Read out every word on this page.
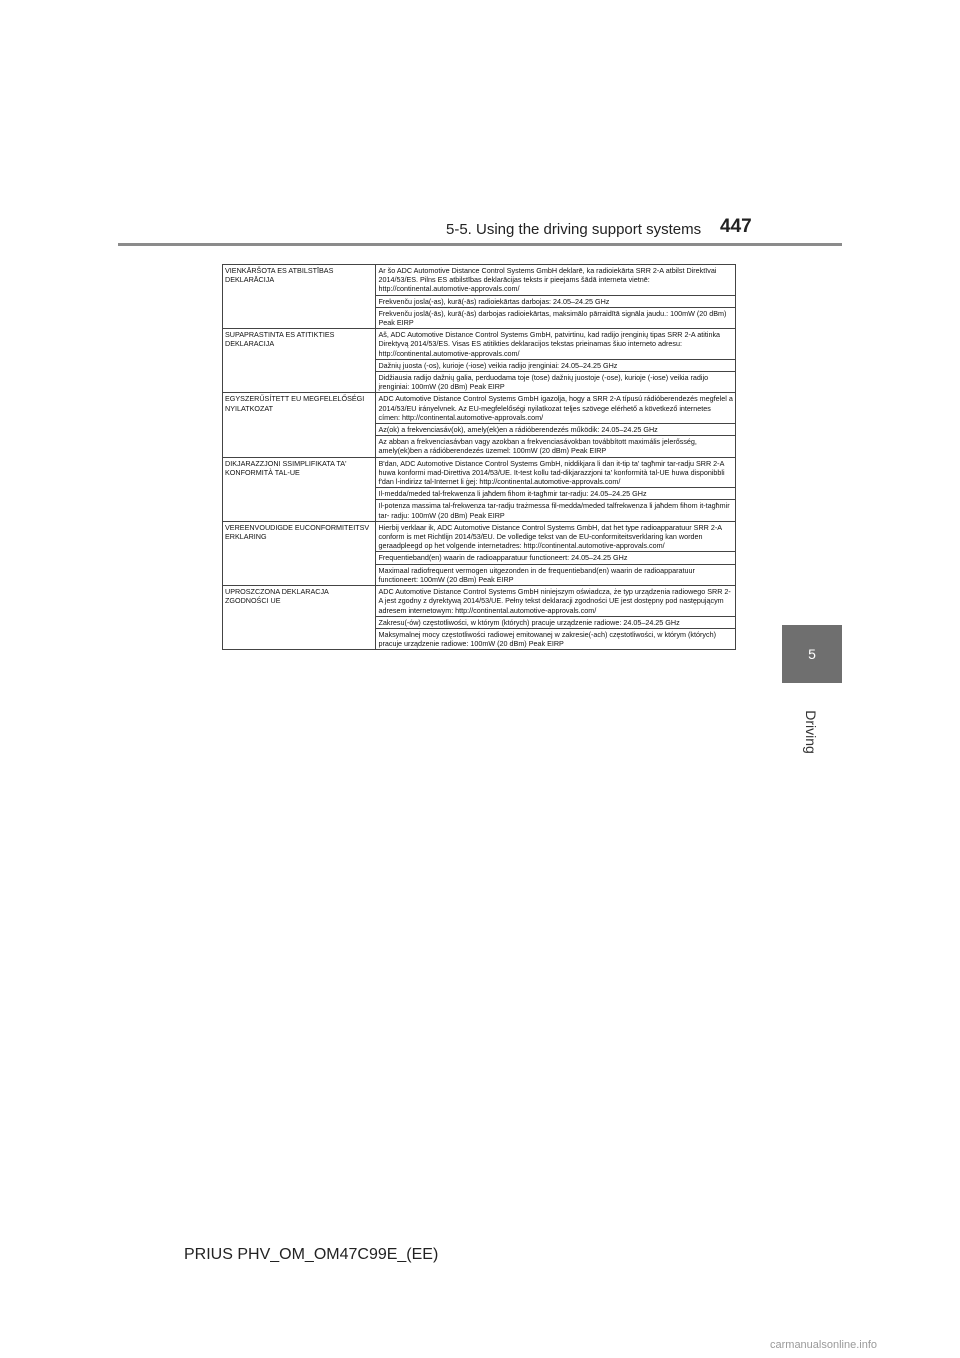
5-5. Using the driving support systems 447
5
Driving
VIENKĀRŠOTA ES ATBILSTĪBAS DEKLARĀCIJA	Ar šo ADC Automotive Distance Control Systems GmbH deklarē, ka radioiekārta SRR 2-A atbilst Direktīvai 2014/53/ES. Pilns ES atbilstības deklarācijas teksts ir pieejams šādā interneta vietnē: http://continental.automotive-approvals.com/
	Frekvenču josla(-as), kurā(-ās) radioiekārtas darbojas: 24.05–24.25 GHz
	Frekvenču joslā(-ās), kurā(-ās) darbojas radioiekārtas, maksimālo pārraidītā signāla jaudu.: 100mW (20 dBm) Peak EIRP
SUPAPRASTINTA ES ATITIKTIES DEKLARACIJA	Aš, ADC Automotive Distance Control Systems GmbH, patvirtinu, kad radijo įrenginių tipas SRR 2-A atitinka Direktyvą 2014/53/ES. Visas ES atitikties deklaracijos tekstas prieinamas šiuo interneto adresu: http://continental.automotive-approvals.com/
	Dažnių juosta (-os), kurioje (-iose) veikia radijo įrenginiai: 24.05–24.25 GHz
	Didžiausia radijo dažnių galia, perduodama toje (tose) dažnių juostoje (-ose), kurioje (-iose) veikia radijo įrenginiai: 100mW (20 dBm) Peak EIRP
EGYSZERŰSÍTETT EU MEGFELELŐSÉGI NYILATKOZAT	ADC Automotive Distance Control Systems GmbH igazolja, hogy a SRR 2-A típusú rádióberendezés megfelel a 2014/53/EU irányelvnek. Az EU-megfelelőségi nyilatkozat teljes szövege elérhető a következő internetes címen: http://continental.automotive-approvals.com/
	Az(ok) a frekvenciasáv(ok), amely(ek)en a rádióberendezés működik: 24.05–24.25 GHz
	Az abban a frekvenciasávban vagy azokban a frekvenciasávokban továbbított maximális jelerősség, amely(ek)ben a rádióberendezés üzemel: 100mW (20 dBm) Peak EIRP
DIKJARAZZJONI SSIMPLIFIKATA TA' KONFORMITÀ TAL-UE	B'dan, ADC Automotive Distance Control Systems GmbH, niddikjara li dan it-tip ta' tagħmir tar-radju SRR 2-A huwa konformi mad-Direttiva 2014/53/UE. It-test kollu tad-dikjarazzjoni ta' konformità tal-UE huwa disponibbli f'dan l-indirizz tal-Internet li ġej: http://continental.automotive-approvals.com/
	Il-medda/meded tal-frekwenza li jaħdem fihom it-tagħmir tar-radju: 24.05–24.25 GHz
	Il-potenza massima tal-frekwenza tar-radju trażmessa fil-medda/meded talfrekwenza li jaħdem fihom it-tagħmir tar- radju: 100mW (20 dBm) Peak EIRP
VEREENVOUDIGDE EUCONFORMITEITSV ERKLARING	Hierbij verklaar ik, ADC Automotive Distance Control Systems GmbH, dat het type radioapparatuur SRR 2-A conform is met Richtlijn 2014/53/EU. De volledige tekst van de EU-conformiteitsverklaring kan worden geraadpleegd op het volgende internetadres: http://continental.automotive-approvals.com/
	Frequentieband(en) waarin de radioapparatuur functioneert: 24.05–24.25 GHz
	Maximaal radiofrequent vermogen uitgezonden in de frequentieband(en) waarin de radioapparatuur functioneert: 100mW (20 dBm) Peak EIRP
UPROSZCZONA DEKLARACJA ZGODNOŚCI UE	ADC Automotive Distance Control Systems GmbH niniejszym oświadcza, że typ urządzenia radiowego SRR 2-A jest zgodny z dyrektywą 2014/53/UE. Pełny tekst deklaracji zgodności UE jest dostępny pod następującym adresem internetowym: http://continental.automotive-approvals.com/
	Zakresu(-ów) częstotliwości, w którym (których) pracuje urządzenie radiowe: 24.05–24.25 GHz
	Maksymalnej mocy częstotliwości radiowej emitowanej w zakresie(-ach) częstotliwości, w którym (których) pracuje urządzenie radiowe: 100mW (20 dBm) Peak EIRP
PRIUS PHV_OM_OM47C99E_(EE)
carmanualsonline.info
